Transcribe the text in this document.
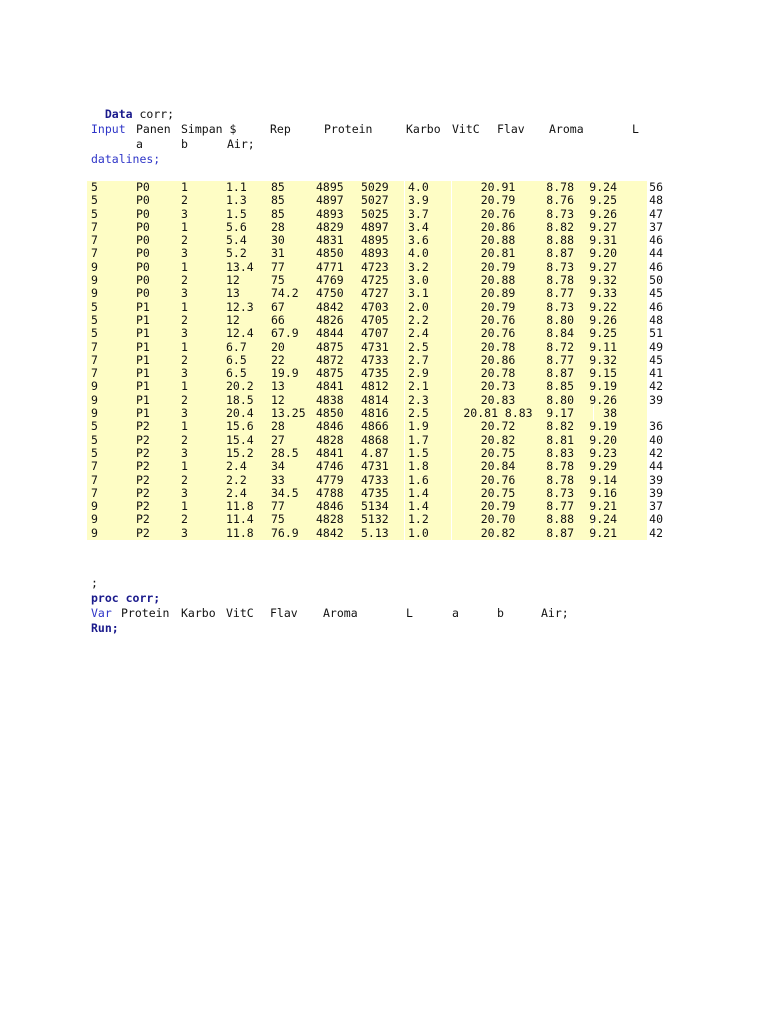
Data corr;

Input

Panen

Simpan $

	Rep

	Protein

	Karbo

VitC

Flav

Aroma

	L

a

	b

	Air;

datalines;
5	P0	1	1.1 85	4895 5029 4.0	20.91	8.78	9.24	56
5	P0	2	1.3 85	4897 5027 3.9	20.79	8.76	9.25	48
5	P0	3	1.5 85	4893 5025 3.7	20.76	8.73	9.26	47
7	P0	1	5.6 28	4829 4897 3.4	20.86	8.82	9.27	37
7	P0	2	5.4 30	4831 4895 3.6	20.88	8.88	9.31	46
7	P0	3	5.2 31	4850 4893 4.0	20.81	8.87	9.20	44
9	P0	1	13.4 77	4771 4723 3.2	20.79	8.73	9.27	46
9	P0	2	12	75	4769 4725 3.0	20.88	8.78	9.32	50
9	P0	3	13	74.2 4750 4727 3.1	20.89	8.77	9.33	45
5	P1	1	12.3 67	4842 4703 2.0	20.79	8.73	9.22	46
5	P1	2	12	66	4826 4705 2.2	20.76	8.80	9.26	48
5	P1	3	12.4 67.9 4844 4707 2.4	20.76	8.84	9.25	51
7	P1	1	6.7 20	4875 4731 2.5	20.78	8.72	9.11	49
7	P1	2	6.5 22	4872 4733 2.7	20.86	8.77	9.32	45
7	P1	3	6.5 19.9 4875 4735 2.9	20.78	8.87	9.15	41
9	P1	1	20.2 13	4841 4812 2.1	20.73	8.85	9.19	42
9	P1	2	18.5 12	4838 4814 2.3	20.83	8.80	9.26	39
9	P1	3	20.4 13.25 4850 4816 2.5	20.81 8.83	9.17	38
5	P2	1	15.6 28	4846 4866 1.9	20.72	8.82	9.19	36
5	P2	2	15.4 27	4828 4868 1.7	20.82	8.81	9.20	40
5	P2	3	15.2 28.5 4841 4.87 1.5	20.75	8.83	9.23	42
7	P2	1	2.4 34	4746 4731 1.8	20.84	8.78	9.29	44
7	P2	2	2.2 33	4779 4733 1.6	20.76	8.78	9.14	39
7	P2	3	2.4 34.5 4788 4735 1.4	20.75	8.73	9.16	39
9	P2	1	11.8 77	4846 5134 1.4	20.79	8.77	9.21	37
9	P2	2	11.4 75	4828 5132 1.2	20.70	8.88	9.24	40
9	P2	3	11.8 76.9 4842 5.13 1.0	20.82	8.87	9.21	42
;
proc corr;

Var

Protein

Karbo

VitC

Flav

Aroma

	L

	a

	b

	Air;

Run;
